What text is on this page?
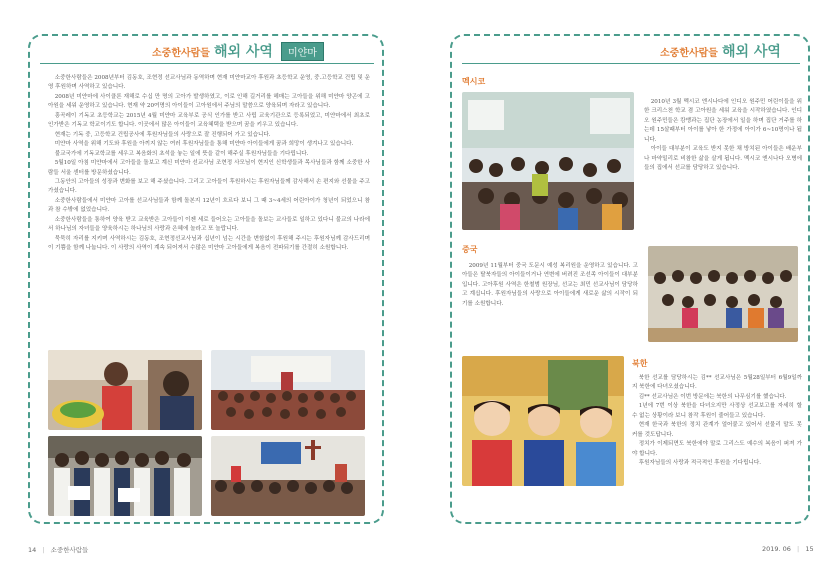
소중한사람들 해외 사역	미얀마

소중한사람들은 2008년부터 김동호, 조현정 선교사님과 동역하며 현재 미얀마교아 후원과 초등학교 운영, 중.고등학교 건립 및 운영 후원하며 사역하고 있습니다.

2008년 미얀마에 사이클론 재해로 수십 만 명의 고아가 발생하였고, 이로 인해 길거리를 헤매는 고아들을 위해 미얀마 양곤에 고아원을 세워 운영하고 있습니다. 현재 약 20여명의 아이들이 고아원에서 주님의 말씀으로 양육되며 자라고 있습니다.

흥곡레이 기독교 초등학교는 2015년 4월 미얀마 교육부로 공식 인가를 받고 사립 교육기관으로 등록되었고, 미얀마에서 최초로 인가받은 기독교 학교이기도 합니다. 이곳에서 많은 아이들이 교육혜택을 받으며 꿈을 키우고 있습니다.

현재는 기독 중, 고등학교 건립공사에 후원자님들의 사랑으로 잘 진행되어 가고 있습니다.

미얀마 사역을 위해 기도와 후원을 아끼지 않는 여러 후원자님들을 통해 미얀마 아이들에게 꿈과 희망이 생겨나고 있습니다.

불교국가에 기독교학교를 세우고 복음화의 초석을 놓는 일에 뜻을 같이 해주실 후원자님들을 기다립니다.

5월10일 아침 미얀마에서 고아들을 돌보고 계신 미얀마 선교사님 조현정 사모님이 현지인 신학생들과 목사님들과 함께 소중한 사람들 서울 센터를 방문하셨습니다.

그동안의 고아들의 성장과 변화를 보고 해 주셨습니다. 그리고 고아들이 후원하시는 후원자님들께 감사해서 손 편지와 선물을 주고 가셨습니다.

소중한사람들에서 미얀마 고아를 선교사님들과 함께 돌본지 12년이 흐르다 보니 그 때 3~4세의 어린아이가 청년이 되었으니 참과 참 수밖에 없었습니다.

소중한사람들을 통하여 양육 받고 교육받은 고아들이 이젠 세로 들어오는 고아들을 돌보는 교사들로 일하고 있다니 불교의 나라에서 하나님의 자녀들을 양육하시는 하나님의 사랑과 은혜에 놀라고 또 놀랍니다.

묵묵히 자리를 지키며 사역하시는 김동호, 조현정선교사님과 십년이 넘는 시간을 변함없이 후원해 주시는 후원자님께 감사드리며 이 기쁨을 함께 나눕니다. 이 사랑의 사역이 계속 되어져서 수많은 미얀마 고아들에게 복음이 전파되기를 간절히 소원합니다.

소중한사람들 해외 사역
멕시코

2010년 3월 멕시코 엔시나다에 인디오 원주민 어린이들을 위한 크리스천 학교 겸 고아원을 세워 교육을 시작하였습니다. 인디오 원주민들은 캄뱅과는 집단 농장에서 일을 하며 집단 거주를 하는데 15살때부터 아이를 낳아 한 가정에 아이가 6~10명이나 됩니다.

아이들 대부분이 교육도 받지 못한 채 방치된 아이들은 배운부나 마약밀리로 비참한 삶을 살게 됩니다. 멕시코 엔시나다 오병에들의 집에서 선교를 담당하고 있습니다.

중국

2009년 11월부터 중국 도문시 예성 복리원을 운영하고 있습니다. 고아들은 탈북자들의 아이들이거나 연변에 버려진 조선족 아이들이 대부분입니다. 고아후원 사역은 한철범 원장님, 선교는 최민 선교사님이 담당하고 계십니다. 후원자님들의 사랑으로 아이들에게 새로운 삶의 시작이 되기를 소원합니다.

북한

북한 선교를 담당하시는 김** 선교사님은 5월28일부터 6월9일까지 북한에 다녀오셨습니다.

김** 선교사님은 이번 방문에는 북한의 나무심기를 했습니다.

1년에 7번 이상 북한을 다녀오지만 사정상 선교보고를 자세히 할 수 없는 상황이라 보니 참작 후원이 줄어들고 있습니다.

현재 한국과 북한의 정치 관계가 얼어붙고 있어서 선물리 말도 못 커를 것도답니다.

정치가 이제되면도 북한에야 말로 그리스도 예수의 복음이 퍼져 가야 합니다.

후원자님들의 사랑과 적극적인 후원을 기다립니다.

14 | 소중한사람들	2019. 06 | 15
